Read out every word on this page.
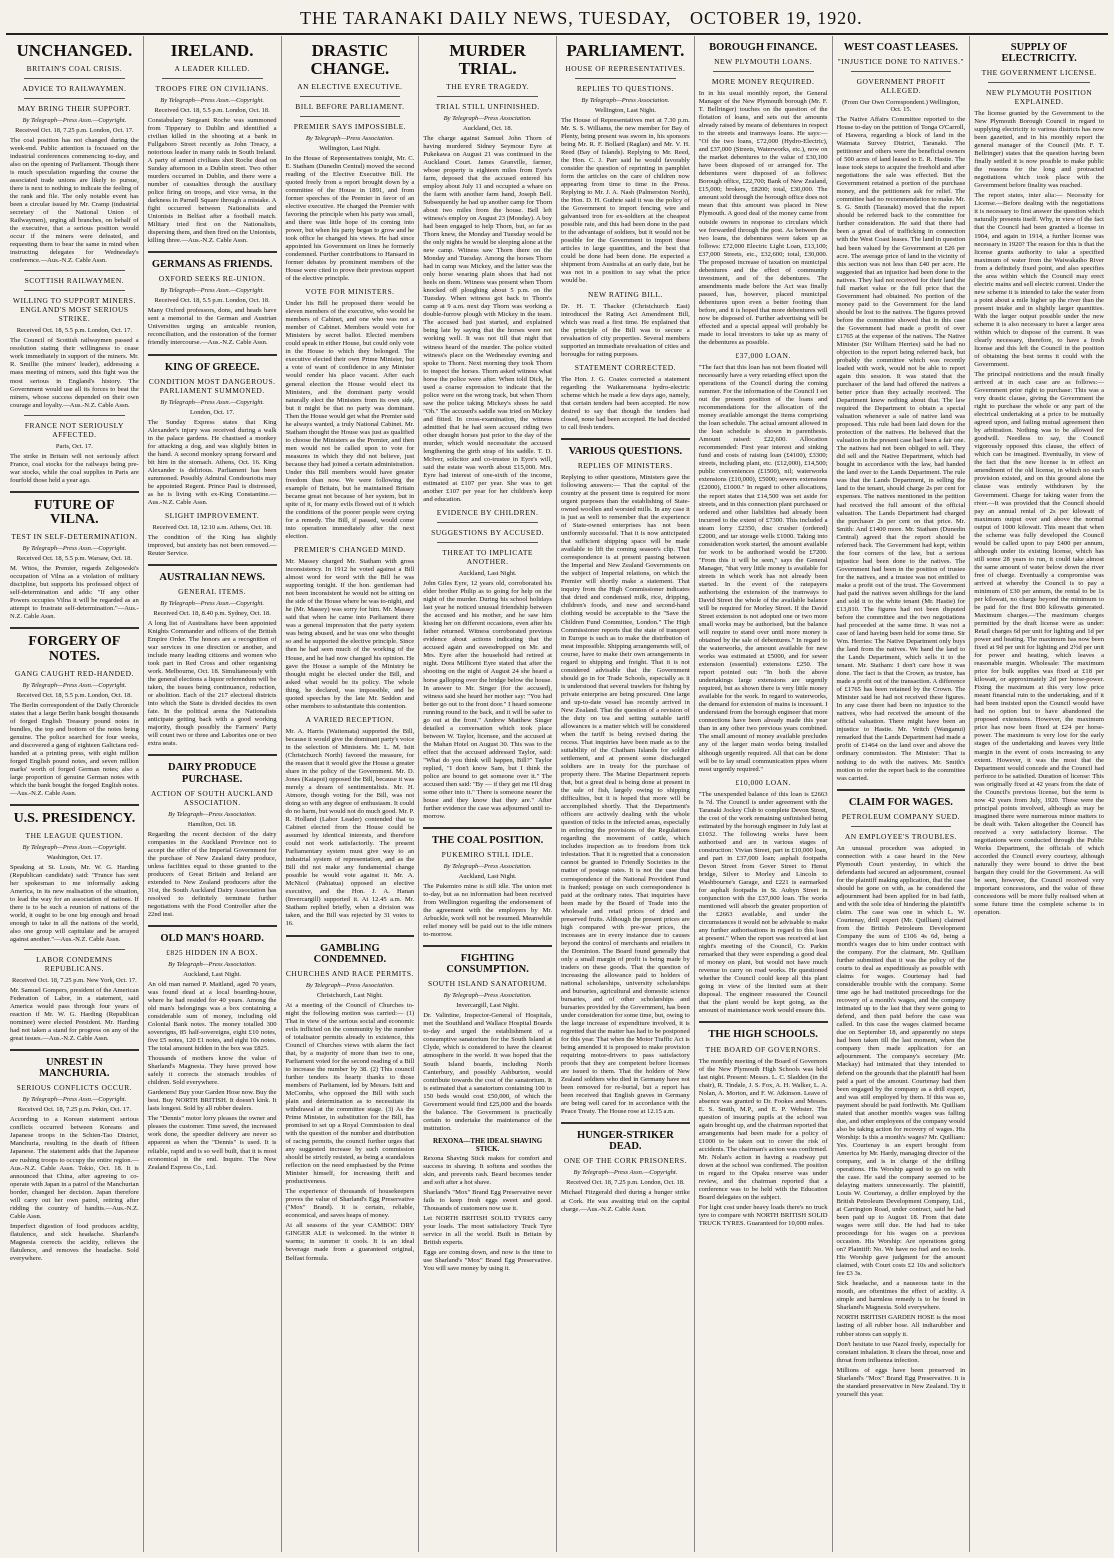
THE TARANAKI DAILY NEWS, TUESDAY, OCTOBER 19, 1920.
UNCHANGED.
BRITAIN'S COAL CRISIS.
ADVICE TO RAILWAYMEN.
MAY BRING THEIR SUPPORT.
By Telegraph—Press Assn.—Copyright.
Received Oct. 18, 7.25 p.m. London, Oct. 17.
The coal position has not changed during the week-end. Public attention is focussed on the industrial conferences commencing to-day, and also on the opening of Parliament. Though there is much speculation regarding the course the associated trade unions are likely to pursue, there is next to nothing to indicate the feeling of the rank and file. The only notable event has been a circular issued by Mr. Cramp (industrial secretary of the National Union of Railwaymen), urging all branches, on behalf of the executive, that a serious position would occur if the miners were defeated, and requesting them to bear the same in mind when instructing delegates for Wednesday's conference.—Aus.-N.Z. Cable Assn.
SCOTTISH RAILWAYMEN.
WILLING TO SUPPORT MINERS. ENGLAND'S MOST SERIOUS STRIKE.
Received Oct. 18, 5.5 p.m. London, Oct. 17.
The Council of Scottish railwaymen passed a resolution stating their willingness to cease work immediately in support of the miners. Mr. R. Smillie (the miners' leader), addressing a mass meeting of miners, said this fight was the most serious in England's history. The Government would use all its forces to beat the miners, whose success depended on their own courage and loyalty.—Aus.-N.Z. Cable Assn.
FRANCE NOT SERIOUSLY AFFECTED.
Paris, Oct. 17.
The strike in Britain will not seriously affect France, coal stocks for the railways being pre-war stocks, while the coal supplies in Paris are fourfold those held a year ago.
FUTURE OF VILNA.
TEST IN SELF-DETERMINATION.
By Telegraph—Press Assn.—Copyright.
Received Oct. 18, 5.5 p.m. Warsaw, Oct. 18.
M. Witos, the Premier, regards Zeligowski's occupation of Vilna as a violation of military discipline, but supports his professed object of self-determination and adds: "If any other Powers occupies Vilna it will be regarded as an attempt to frustrate self-determination."—Aus.-N.Z. Cable Assn.
FORGERY OF NOTES.
GANG CAUGHT RED-HANDED.
By Telegraph—Press Assn.—Copyright.
Received Oct. 18, 5.5 p.m. London, Oct. 18.
The Berlin correspondent of the Daily Chronicle states that a large Berlin bank bought thousands of forged English Treasury pound notes in bundles, the top and bottom of the notes being genuine. The police searched for four weeks, and discovered a gang of eighteen Galicians red-handed at a printing press, with eight million forged English pound notes, and seven million marks' worth of forged German notes; also a large proportion of genuine German notes with which the bank bought the forged English notes.—Aus.-N.Z. Cable Assn.
U.S. PRESIDENCY.
THE LEAGUE QUESTION.
By Telegraph—Press Assn.—Copyright.
Washington, Oct. 17.
Speaking at St. Louis, Mr. W. G. Harding (Republican candidate) said: "France has sent her spokesman to me informally asking America, in its new realisation of the situation, to lead the way for an association of nations. If there is to be such a reunion of nations of the world, it ought to be one big enough and broad enough to take in all the nations of the world, also one group will capitulate and be arrayed against another."—Aus.-N.Z. Cable Assn.
LABOR CONDEMNS REPUBLICANS.
Received Oct. 18, 7.25 p.m. New York, Oct. 17.
Mr. Samuel Gompers, president of the American Federation of Labor, in a statement, said America would pass through four years of reaction if Mr. W. G. Harding (Republican nominee) were elected President. Mr. Harding had not taken a stand for progress on any of the great issues.—Aus.-N.Z. Cable Assn.
UNREST IN MANCHURIA.
SERIOUS CONFLICTS OCCUR.
By Telegraph—Press Assn.—Copyright.
Received Oct. 18, 7.25 p.m. Pekin, Oct. 17.
According to a Korean statement serious conflicts occurred between Koreans and Japanese troops in the Schien-Tao District, Manchuria, resulting in the death of fifteen Japanese. The statement adds that the Japanese are rushing troops to occupy the entire region.—Aus.-N.Z. Cable Assn. Tokio, Oct. 18. It is announced that China, after agreeing to co-operate with Japan in a patrol of the Manchurian border, changed her decision. Japan therefore will carry out her own patrol, retiring after ridding the country of bandits.—Aus.-N.Z. Cable Assn.
Imperfect digestion of food produces acidity, flatulence, and sick headache. Sharland's Magnesia corrects the acidity, relieves the flatulence, and removes the headache. Sold everywhere.
IRELAND.
A LEADER KILLED.
TROOPS FIRE ON CIVILIANS.
By Telegraph—Press Assn.—Copyright.
Received Oct. 18, 5.5 p.m. London, Oct. 18.
Constabulary Sergeant Roche was summoned from Tipperary to Dublin and identified a civilian killed in the shooting at a bank in Fullgaboro Street recently as John Treacy, a notorious leader in many raids in South Ireland. A party of armed civilians shot Roche dead on Sunday afternoon in a Dublin street. Two other murders occurred in Dublin, and there were a number of casualties through the auxiliary police firing on troops, and vice versa, in the darkness in Parnell Square through a mistake. A fight occurred between Nationalists and Unionists in Belfast after a football match. Military tried first on the Nationalists, dispersing them, and then fired on the Unionists, killing three.—Aus.-N.Z. Cable Assn.
GERMANS AS FRIENDS.
OXFORD SEEKS RE-UNION.
By Telegraph—Press Assn.—Copyright.
Received Oct. 18, 5.5 p.m. London, Oct. 18.
Many Oxford professors, dons, and heads have sent a memorial to the German and Austrian Universities urging an amicable reunion, reconciliation, and the restoration of the former friendly intercourse.—Aus.-N.Z. Cable Assn.
KING OF GREECE.
CONDITION MOST DANGEROUS. PARLIAMENT SUMMONED.
By Telegraph—Press Assn.—Copyright.
London, Oct. 17.
The Sunday Express states that King Alexander's injury was received during a walk in the palace gardens. He chastised a monkey for attacking a dog, and was slightly bitten in the hand. A second monkey sprang forward and bit him in the stomach. Athens, Oct. 16. King Alexander is delirious. Parliament has been summoned. Possibly Admiral Condouriotis may be appointed Regent. Prince Paul is distressed, as he is living with ex-King Constantine.—Aus.-N.Z. Cable Assn.
SLIGHT IMPROVEMENT.
Received Oct. 18, 12.10 a.m. Athens, Oct. 18.
The condition of the King has slightly improved, but anxiety has not been removed.—Reuter Service.
AUSTRALIAN NEWS.
GENERAL ITEMS.
By Telegraph—Press Assn.—Copyright.
Received Oct. 18, 8.40 p.m. Sydney, Oct. 18.
A long list of Australians have been appointed Knights Commander and officers of the British Empire Order. The honors are a recognition of war services in one direction or another, and include many leading citizens and women who took part in Red Cross and other organising work. Melbourne, Oct. 18. Simultaneously with the general elections a liquor referendum will be taken, the issues being continuance, reduction, or abolition. Each of the 217 electoral districts into which the State is divided decides its own fate. In the political arena the Nationalists anticipate getting back with a good working majority, though possibly the Farmers' Party will count two or three and Laborites one or two extra seats.
DAIRY PRODUCE PURCHASE.
ACTION OF SOUTH AUCKLAND ASSOCIATION.
By Telegraph—Press Association.
Hamilton, Oct. 18.
Regarding the recent decision of the dairy companies in the Auckland Province not to accept the offer of the Imperial Government for the purchase of New Zealand dairy produce, unless facilities equal to those granted to the producers of Great Britain and Ireland are extended to New Zealand producers after the 31st, the South Auckland Dairy Association has resolved to definitely terminate further negotiations with the Food Controller after the 22nd inst.
OLD MAN'S HOARD.
£825 HIDDEN IN A BOX.
By Telegraph—Press Association.
Auckland, Last Night.
An old man named P. Maitland, aged 70 years, was found dead at a local boarding-house, where he had resided for 40 years. Among the old man's belongings was a box containing a considerable sum of money, including old Colonial Bank notes. The money totalled 300 sovereigns, 85 half-sovereigns, eight £10 notes, five £5 notes, 120 £1 notes, and eight 10s notes. The total amount hidden in the box was £825.
Thousands of mothers know the value of Sharland's Magnesia. They have proved how safely it corrects the stomach troubles of children. Sold everywhere.
Gardeners! Buy your Garden Hose now. Buy the best. Buy NORTH BRITISH. It doesn't kink. It lasts longest. Sold by all rubber dealers.
The "Dennis" motor lorry pleases the owner and pleases the customer. Time saved, the increased work done, the speedier delivery are never so apparent as when the "Dennis" is used. It is reliable, rapid and is so well built, that it is most economical in the end. Inquire. The New Zealand Express Co., Ltd.
DRASTIC CHANGE.
AN ELECTIVE EXECUTIVE.
BILL BEFORE PARLIAMENT.
PREMIER SAYS IMPOSSIBLE.
By Telegraph—Press Association.
Wellington, Last Night.
In the House of Representatives tonight, Mr. C. E. Statham (Dunedin Central) moved the second reading of the Elective Executive Bill. He quoted freely from a report brought down by a committee of the House in 1891, and from former speeches of the Premier in favor of an elective executive. He charged the Premier with favoring the principle when his party was small, and there was little hope of its coming into power, but when his party began to grow and he took office he changed his views. He had since appointed his Government on lines he formerly condemned. Further contributions to Hansard in former debates by prominent members of the House were cited to prove their previous support of the elective principle.
VOTE FOR MINISTERS.
Under his Bill he proposed there would be eleven members of the executive, who would be members of Cabinet, and one who was not a member of Cabinet. Members would vote for Ministers by secret ballot. Elected members could speak in either House, but could only vote in the House to which they belonged. The executive elected their own Prime Minister, but a vote of want of confidence in any Minister would render his place vacant. After each general election the House would elect its Ministers, and the dominant party would naturally elect the Ministers from its own side, but it might be that no party was dominant. Then the House would get what the Premier said he always wanted, a truly National Cabinet. Mr. Statham thought the House was just as qualified to choose the Ministers as the Premier, and then men would not be called upon to vote for measures in which they did not believe, just because they had joined a certain administration. Under this Bill members would have greater freedom than now. We were following the example of Britain, but he maintained Britain became great not because of her system, but in spite of it, for many evils flowed out of it which the conditions of the poorer people were crying for a remedy. The Bill, if passed, would come into operation immediately after the next election.
PREMIER'S CHANGED MIND.
Mr. Massey charged Mr. Statham with gross inconsistency. In 1912 he voted against a Bill almost word for word with the Bill he was supporting tonight. If the hon. gentleman had not been inconsistent he would not be sitting on the side of the House where he was to-night, and he (Mr. Massey) was sorry for him. Mr. Massey said that when he came into Parliament there was a general impression that the party system was being abused, and he was one who thought so and he supported the elective principle. Since then he had seen much of the working of the House, and he had now changed his opinion. He gave the House a sample of the Ministry he thought might be elected under the Bill, and asked what would be its policy. The whole thing, he declared, was impossible, and he quoted speeches by the late Mr. Seddon and other members to substantiate this contention.
A VARIED RECEPTION.
Mr. A. Harris (Waitemata) supported the Bill, because it would give the dominant party's voice in the selection of Ministers. Mr. L. M. Isitt (Christchurch North) favored the measure, for the reason that it would give the House a greater share in the policy of the Government. Mr. D. Jones (Kaiapoi) opposed the Bill, because it was merely a dream of sentimentalists. Mr. H. Atmore, though voting for the Bill, was not doing so with any degree of enthusiasm. It could do no harm, but would not do much good. Mr. P. R. Holland (Labor Leader) contended that to Cabinet elected from the House could be assumed by identical interests, and therefore could not work satisfactorily. The present Parliamentary system must give way to an industrial system of representation, and as the Bill did not make any fundamental change possible he would vote against it. Mr. A. McNicol (Pahiatua) opposed an elective executive, and the Hon. J. A. Hanan (Invercargill) supported it. At 12.45 a.m. Mr. Statham replied briefly, when a division was taken, and the Bill was rejected by 31 votes to 16.
GAMBLING CONDEMNED.
CHURCHES AND RACE PERMITS.
By Telegraph—Press Association.
Christchurch, Last Night.
At a meeting of the Council of Churches to-night the following motion was carried:— (1) That in view of the serious social and economic evils inflicted on the community by the number of totalisator permits already in existence, this Council of Churches views with alarm the fact that, by a majority of more than two to one, Parliament voted for the second reading of a Bill to increase the number by 38. (2) This council further tenders its hearty thanks to those members of Parliament, led by Messrs. Isitt and McCombs, who opposed the Bill with such plain and determination as to necessitate its withdrawal at the committee stage. (3) As the Prime Minister, in substitution for the Bill, has promised to set up a Royal Commission to deal with the question of the number and distribution of racing permits, the council further urges that any suggested increase by such commission should be strictly resisted, as being a scandalous reflection on the need emphasised by the Prime Minister himself, for increasing thrift and productiveness.
The experience of thousands of housekeepers proves the value of Sharland's Egg Preservative ("Mox" Brand). It is certain, reliable, economical, and saves heaps of money.
At all seasons of the year CAMBOC DRY GINGER ALE is welcomed. In the winter it warms; in summer it cools. It is an ideal beverage made from a guaranteed original, Belfast formula.
MURDER TRIAL.
THE EYRE TRAGEDY.
TRIAL STILL UNFINISHED.
By Telegraph—Press Association.
Auckland, Oct. 18.
The charge against Samuel John Thorn of having murdered Sidney Seymour Eyre at Pukekawa on August 21 was continued in the Auckland Court. James Granville, farmer, whose property is eighteen miles from Eyre's farm, deposed that the accused entered his employ about July 11 and occupied a whare on the farm with another farm hand, Joseph Bell. Subsequently he had up another camp for Thorn about two miles from the house. Bell left witness's employ on August 23 (Monday). A boy had been engaged to help Thorn, but, so far as Thorn knew, the Monday and Tuesday would be the only nights he would be sleeping alone at the new camp. Witness saw Thorn there on the Monday and Tuesday. Among the horses Thorn had in camp was Mickey, and the latter was the only horse wearing plain shoes that had not heels on them. Witness was present when Thorn knocked off ploughing about 5 p.m. on the Tuesday. When witness got back to Thorn's camp at 9 a.m. next day Thorn was working a double-furrow plough with Mickey in the team. The accused had just started, and explained being late by saying that the horses were not working well. It was not till that night that witness heard of the murder. The police visited witness's place on the Wednesday evening and spoke to Thorn. Next morning they took Thorn to inspect the horses. Thorn asked witness what horse the police were after. When told Dick, he used a coarse expression to indicate that the police were on the wrong track, but when Thorn saw the police taking Mickey's shoes he said "Oh." The accused's saddle was tried on Mickey and fitted. In cross-examination, the witness admitted that he had seen accused riding two other draught horses just prior to the day of the murder, which would necessitate the accused lengthening the girth strap of his saddle. T. D. McIver, solicitor and co-trustee in Eyre's will, said the estate was worth about £15,000. Mrs. Eyre had interest of one-sixth of the income, estimated at £107 per year. She was to get another £107 per year for her children's keep and education.
EVIDENCE BY CHILDREN.
SUGGESTIONS BY ACCUSED.
THREAT TO IMPLICATE ANOTHER.
Auckland, Last Night.
John Giles Eyre, 12 years old, corroborated his elder brother Philip as to going for help on the night of the murder. During his school holidays last year he noticed unusual friendship between the accused and his mother, and he saw him kissing her on different occasions, even after his father returned. Witness corroborated previous evidence about actions indicating that the accused again and eavesdropped on Mr. and Mrs. Eyre after the household had retired at night. Dora Millicent Eyre stated that after the shooting on the night of August 24 she heard a horse galloping over the bridge below the house. In answer to Mr. Singer (for the accused), witness said she heard her mother say: "You had better go out to the front door." I heard someone running round to the back, and it will be safer to go out at the front." Andrew Matthew Singer detailed a conversation which took place between W. Taylor, licensee, and the accused at the Mahan Hotel on August 30. This was to the effect that the accused addressed Taylor, said: "What do you think will happen, Bill?" Taylor replied, "I don't know Sam, but I think the police are bound to get someone over it." The accused then said: "By — if they get me I'll drag some other into it." There is someone nearer the house and they know that they are." After further evidence the case was adjourned until to-morrow.
THE COAL POSITION.
PUKEMIRO STILL IDLE.
By Telegraph—Press Association.
Auckland, Last Night.
The Pukemiro mine is still idle. The union met to-day, but as no information had been received from Wellington regarding the endorsement of the agreement with the employers by Mr. Arbuckle, work will not be resumed. Meanwhile relief money will be paid out to the idle miners to-morrow.
FIGHTING CONSUMPTION.
SOUTH ISLAND SANATORIUM.
By Telegraph—Press Association.
Invercargill, Last Night.
Dr. Valintine, Inspector-General of Hospitals, met the Southland and Wallace Hospital Boards to-day and urged the establishment of a consumptive sanatorium for the South Island at Clyde, which is considered to have the clearest atmosphere in the world. It was hoped that the South Island boards, including North Canterbury, and possibly Ashburton, would contribute towards the cost of the sanatorium. It is estimated that a sanatorium containing 100 to 150 beds would cost £50,000, of which the Government would find £25,000 and the boards the balance. The Government is practically certain to undertake the maintenance of the institution.
REXONA—THE IDEAL SHAVING STICK.
Rexona Shaving Stick makes for comfort and success in shaving. It softens and soothes the skin, and prevents rash. Beard becomes tender and soft after a hot shave.
Sharland's "Mox" Brand Egg Preservative never fails to keep fresh eggs sweet and good. Thousands of customers now use it.
Let NORTH BRITISH SOLID TYRES carry your loads. The most satisfactory Truck Tyre service in all the world. Built in Britain by British experts.
Eggs are coming down, and now is the time to use Sharland's "Mox" Brand Egg Preservative. You will save money by using it.
PARLIAMENT.
HOUSE OF REPRESENTATIVES.
REPLIES TO QUESTIONS.
By Telegraph—Press Association.
Wellington, Last Night.
The House of Representatives met at 7.30 p.m. Mr. S. S. Williams, the new member for Bay of Plenty, being present was sworn in, his sponsors being Mr. R. F. Bollard (Raglan) and Mr. V. H. Reed (Bay of Islands). Replying to Mr. Reed, the Hon. C. J. Parr said he would favorably consider the question of reprinting in pamphlet form the articles on the care of children now appearing from time to time in the Press. Replying to Mr. J. A. Nash (Palmerston North), the Hon. D. H. Guthrie said it was the policy of the Government to import fencing wire and galvanised iron for ex-soldiers at the cheapest possible rate, and this had been done in the past to the advantage of soldiers, but it would not be possible for the Government to import these articles in large quantities, and the best that could be done had been done. He expected a shipment from Australia at an early date, but he was not in a position to say what the price would be.
NEW RATING BILL.
Dr. H. T. Thacker (Christchurch East) introduced the Rating Act Amendment Bill, which was read a first time. He explained that the principle of the Bill was to secure a revaluation of city properties. Several members supported an immediate revaluation of cities and boroughs for rating purposes.
STATEMENT CORRECTED.
The Hon. J. G. Coates corrected a statement regarding the Waikaremoana hydro-electric scheme which he made a few days ago, namely, that certain tenders had been accepted. He now desired to say that though the tenders had closed, none had been accepted. He had decided to call fresh tenders.
VARIOUS QUESTIONS.
REPLIES OF MINISTERS.
Replying to other questions, Ministers gave the following answers:— That the capital of the country at the present time is required for more urgent purposes than the establishing of State-owned woollen and worsted mills. In any case it is just as well to remember that the experience of State-owned enterprises has not been uniformly successful. That it is now anticipated that sufficient shipping space will be made available to lift the coming season's clip. That correspondence is at present passing between the Imperial and New Zealand Governments on the subject of Imperial relations, on which the Premier will shortly make a statement. That inquiry from the High Commissioner indicates that dried and condensed milk, rice, dripping, children's foods, and new and second-hand clothing would be acceptable to the "Save the Children Fund Committee, London." The High Commissioner reports that the state of transport in Europe is such as to make the distribution of meat impossible. Shipping arrangements will, of course, have to make their own arrangements in regard to shipping and freight. That it is not considered advisable that the Government should go in for Trade Schools, especially as it is understood that several trawlers for fishing by private enterprise are being procured. One large and up-to-date vessel has recently arrived in New Zealand. That the question of a revision of the duty on tea and setting suitable tariff allowances is a matter which will be considered when the tariff is being revised during the recess. That inquiries have been made as to the suitability of the Chatham Islands for soldier settlement, and at present some discharged soldiers are in treaty for the purchase of property there. The Marine Department reports that, but a great deal is being done at present in the sale of fish, largely owing to shipping difficulties, but it is hoped that more will be accomplished shortly. That the Department's officers are actively dealing with the whole question of ticks in the infected areas, especially in enforcing the provisions of the Regulations regarding the movement of cattle, which includes inspection as to freedom from tick infestation. That it is regretted that a concession cannot be granted to Friendly Societies in the matter of postage rates. It is not the case that correspondence of the National Provident Fund is franked; postage on such correspondence is paid at the ordinary rates. That inquiries have been made by the Board of Trade into the wholesale and retail prices of dried and preserved fruits. Although the present prices are high compared with pre-war prices, the increases are in every instance due to causes beyond the control of merchants and retailers in the Dominion. The Board found generally that only a small margin of profit is being made by traders on these goods. That the question of increasing the allowance paid to holders of national scholarships, university scholarships and bursaries, agricultural and domestic science bursaries, and of other scholarships and bursaries provided by the Government, has been under consideration for some time, but, owing to the large increase of expenditure involved, it is regretted that the matter has had to be postponed for this year. That when the Motor Traffic Act is being amended it is proposed to make provision requiring motor-drivers to pass satisfactory proofs that they are competent before licenses are issued to them. That the holders of New Zealand soldiers who died in Germany have not been removed for re-burial, but a report has been received that English graves in Germany are being well cared for in accordance with the Peace Treaty. The House rose at 12.15 a.m.
HUNGER-STRIKER DEAD.
ONE OF THE CORK PRISONERS.
By Telegraph—Press Assn.—Copyright.
Received Oct. 18, 7.25 p.m. London, Oct. 18.
Michael Fitzgerald died during a hunger strike at Cork. He was awaiting trial on the capital charge.—Aus.-N.Z. Cable Assn.
BOROUGH FINANCE.
NEW PLYMOUTH LOANS.
MORE MONEY REQUIRED.
In in his usual monthly report, the General Manager of the New Plymouth borough (Mr. F. T. Bellringer) touches on the question of the flotation of loans, and sets out the amounts already raised by means of debentures in respect to the streets and tramways loans. He says:— "Of the two loans, £72,000 (Hydro-Electric), and £37,000 (Streets, Waterworks, etc.), now on the market debentures to the value of £30,100 have been disposed of or arranged for. The debentures were disposed of as follows: Borough office, £22,700; Bank of New Zealand, £15,000; brokers, £8200; total, £30,000. The amount sold through the borough office does not mean that this amount was placed in New Plymouth. A good deal of the money came from outside owners in response to circulars which we forwarded through the post. As between the two loans, the debentures were taken up as follows: £72,000 Electric Light Loan, £13,100; £37,000 Streets, etc., £32,600; total, £30,000. The proposed increase of taxation on municipal debentures and the effect of community investment, and of the debentures. The amendments made before the Act was finally passed, has, however, placed municipal debentures upon even a better footing than before, and it is hoped that more debentures will now be disposed of. Further advertising will be effected and a special appeal will probably be made to local investors to take up as many of the debentures as possible.
£37,000 LOAN.
"The fact that this loan has not been floated will necessarily have a very retarding effect upon the operations of the Council during the coming summer. For the information of the Council I set out the present position of the loans and recommendations for the allocation of the money available amongst the items comprising the loan schedule. The actual amount allowed in the loan schedule is shown in parenthesis. Amount raised: £22,600. Allocation recommended: First year interest and sinking fund and costs of raising loan (£4100), £3300; streets, including plant, etc. (£12,000), £14,500; public conveniences (£1500), nil; waterworks extensions (£10,000), £5000; sewers extensions (£2000), £1000." In regard to other allocations, the report states that £14,500 was set aside for streets, and in this connection plant purchased or ordered and other liabilities had already been incurred to the extent of £7300. This included a steam lorry £2350, disc crusher (ordered) £2000, and tar storage wells £1000. Taking into consideration work started, the amount available for work to be authorised would be £7200. "From this it will be seen," says the General Manager, "that very little money is available for streets in which work has not already been started. In the event of the ratepayers authorising the extension of the tramways to David Street the whole of the available balance will be required for Morley Street. If the David Street extension is not adopted one or two more small works may be authorised, but the balance will require to stand over until more money is obtained by the sale of debentures." In regard to the waterworks, the amount available for new works was estimated at £5000, and for sewer extension (essential) extensions £250. The report pointed out: "In both the above undertakings large extensions are urgently required, but as shown there is very little money available for the work. In regard to waterworks, the demand for extension of mains is incessant. I understand from the borough engineer that more connections have been already made this year than in any other two previous years combined. The small amount of money available precludes any of the larger main works being installed although urgently required. All that can be done will be to lay small communication pipes where most urgently required."
£10,000 LOAN.
"The unexpended balance of this loan is £2663 Is 7d. The Council is under agreement with the Taranaki Jockey Club to complete Devon Street, the cost of the work remaining unfinished being estimated by the borough engineer in July last at £1032. The following works have been authorised and are in various stages of construction: Vivian Street, part in £10,000 loan, and part in £37,000 loan; asphalt footpaths Devon Street from Gover Street to Henui bridge, Silver to Morley and Lincoln to Washbourne's Garage, and £221 is earmarked for asphalt footpaths in St. Aubyn Street in conjunction with the £37,000 loan. The works mentioned will absorb the greater proportion of the £2663 available, and under the circumstances it would not be advisable to make any further authorisations in regard to this loan at present." When the report was received at last night's meeting of the Council, Cr. Parkin remarked that they were expending a good deal of money on plant, but would not have much revenue to carry on road works. He questioned whether the Council could keep all this plant going in view of the limited sum at their disposal. The engineer reassured the Council that the plant would be kept going, as the amount of maintenance work would ensure this.
THE HIGH SCHOOLS.
THE BOARD OF GOVERNORS.
The monthly meeting of the Board of Governors of the New Plymouth High Schools was held last night. Present: Messrs. L. C. Sladden (in the chair), R. Tindale, J. S. Fox, A. H. Walker, L. A. Nolan, A. Morton, and F. W. Atkinson. Leave of absence was granted to Dr. Fookes and Messrs. E. S. Smith, M.P., and E. P. Webster. The question of insuring pupils at the school was again brought up, and the chairman reported that arrangements had been made for a policy of £1000 to be taken out to cover the risk of accidents. The chairman's action was confirmed. Mr. Nolan's action in having a roadway put down at the school was confirmed. The position in regard to the Opaku reserve was under review, and the chairman reported that a conference was to be held with the Education Board delegates on the subject.
For light cost under heavy loads there's no truck tyre to compare with NORTH BRITISH SOLID TRUCK TYRES. Guaranteed for 10,000 miles.
WEST COAST LEASES.
"INJUSTICE DONE TO NATIVES."
GOVERNMENT PROFIT ALLEGED.
(From Our Own Correspondent.) Wellington, Oct. 15.
The Native Affairs Committee reported to the House to-day on the petition of Tonga O'Carroll, of Hawera, regarding a block of land in the Waimata Survey District, Taranaki. The petitioner and others were the beneficial owners of 500 acres of land leased to E. R. Hastie. The lease took steps to acquire the freehold and after negotiations the sale was effected. But the Government retained a portion of the purchase money, and the petitioners ask for relief. The committee had no recommendation to make. Mr. S. G. Smith (Taranaki) moved that the report should be referred back to the committee for further consideration. He said that there had been a great deal of trafficking in connection with the West Coast leases. The land in question had been valued by the Government at £26 per acre. The average price of land in the vicinity of this section was not less than £40 per acre. He suggested that an injustice had been done to the natives. They had not received for their land the full market value or the full price that the Government had obtained. No portion of the money paid to the Government for the land should be lost to the natives. The figures proved before the committee showed that in this case the Government had made a profit of over £1765 at the expense of the natives. The Native Minister (Sir William Herries) said he had no objection to the report being referred back, but probably the committee which was recently loaded with work, would not be able to report again this session. It was stated that the purchaser of the land had offered the natives a better price than they actually received. The Department knew nothing about that. The law required the Department to obtain a special valuation whenever a sale of native land was proposed. This rule had been laid down for the protection of the natives. He believed that the valuation in the present case had been a fair one. The natives had not been obliged to sell. They did sell and the Native Department, which had bought in accordance with the law, had handed the land over to the Lands Department. The rule was that the Lands Department, in selling the land to the tenant, should charge 2s per cent for expenses. The natives mentioned in the petition had received the full amount of the official valuation. The Lands Department had charged the purchaser 2s per cent on that price. Mr. Smith: And £1400 more. Mr. Statham (Dunedin Central) agreed that the report should be referred back. The Government had kept, within the four corners of the law, but a serious injustice had been done to the natives. The Government had been in the position of trustee for the natives, and a trustee was not entitled to make a profit out of the trust. The Government had paid the natives seven shillings for the land and sold it to the white tenant (Mr. Hastie) for £13,810. The figures had not been disputed before the committee and the two negotiations had proceeded at the same time. It was not a case of land having been held for some time. Sir Wm. Herries: The Native Department only buys the land from the natives. We hand the land to the Lands Department, which sells it to the tenant. Mr. Statham: I don't care how it was done. The fact is that the Crown, as trustee, has made a profit out of the transaction. A difference of £1765 has been retained by the Crown. The Minister said he had not received these figures. In any case there had been no injustice to the natives, who had received the amount of the official valuation. There might have been an injustice to Hastie. Mr. Veitch (Wanganui) remarked that the Lands Department had made a profit of £1464 on the land over and above the ordinary commission. The Minister: That is nothing to do with the natives. Mr. Smith's motion to refer the report back to the committee was carried.
CLAIM FOR WAGES.
PETROLEUM COMPANY SUED.
AN EMPLOYEE'S TROUBLES.
An unusual procedure was adopted in connection with a case heard in the New Plymouth Court yesterday, in which the defendants had secured an adjournment, counsel for the plaintiff making application, that the case should be gone on with, as he considered the adjournment had been applied for in bad faith, and with the sole idea of hindering the plaintiff's claim. The case was one in which L. W. Courtenay, drill expert (Mr. Quilliam) claimed from the British Petroleum Development Company the sum of £106 4s 6d, being a month's wages due to him under contract with the company. For the claimant, Mr. Quilliam further submitted that it was the policy of the courts to deal as expeditiously as possible with claims for wages. Courtenay had had considerable trouble with the company. Some time ago he had instituted proceedings for the recovery of a month's wages, and the company intimated up to the last that they were going to defend, and then paid before the case was called. In this case the wages claimed became due on September 18, and apparently no steps had been taken till the last moment, when the company then made application for an adjournment. The company's secretary (Mr. Mackay) had intimated that they intended to defend on the grounds that the plaintiff had been paid a part of the amount. Courtenay had then been engaged by the company as a drill expert, and was still employed by them. If this was so, payment should be paid forthwith. Mr. Quilliam stated that another month's wages was falling due, and other employees of the company would also be taking action for recovery of wages. His Worship: Is this a month's wages? Mr. Quilliam: Yes. Courtenay is an expert brought from America by Mr. Hardy, managing director of the company, and is in charge of the drilling operations. His Worship agreed to go on with the case. He said the company seemed to be delaying matters unnecessarily. The plaintiff, Louis W. Courtenay, a driller employed by the British Petroleum Development Company, Ltd., at Carrington Road, under contract, said he had been paid up to August 18. From that date wages were still due. He had had to take proceedings for his wages on a previous occasion. His Worship: Are operations going on? Plaintiff: No. We have no fuel and no tools. His Worship gave judgment for the amount claimed, with Court costs £2 10s and solicitor's fee £3 3s.
Sick headache, and a nauseous taste in the mouth, are oftentimes the effect of acidity. A simple and harmless remedy is to be found in Sharland's Magnesia. Sold everywhere.
NORTH BRITISH GARDEN HOSE is the most lasting of all rubber hose. All indiarubber and rubber stores can supply it.
Don't hesitate to use Nazol freely, especially for constant inhalation. It clears the throat, nose and throat from influenza infection.
Millions of eggs have been preserved in Sharland's "Mox" Brand Egg Preservative. It is the standard preservative in New Zealand. Try it yourself this year.
SUPPLY OF ELECTRICITY.
THE GOVERNMENT LICENSE.
NEW PLYMOUTH POSITION EXPLAINED.
The license granted by the Government to the New Plymouth Borough Council in regard to supplying electricity to various districts has now been gazetted, and in his monthly report the general manager of the Council (Mr. F. T. Bellringer) states that the question having been finally settled it is now possible to make public the reasons for the long and protracted negotiations which took place with the Government before finality was reached.
The report states, inter alia:— Necessity for License.—Before dealing with the negotiations it is necessary to first answer the question which naturally presents itself. Why, in view of the fact that the Council had been granted a license in 1904, and again in 1914, a further license was necessary in 1920? The reason for this is that the license grants authority to take a specified maximum of water from the Waiwakaiho River from a definitely fixed point, and also specifies the area within which the Council may erect electric mains and sell electric current. Under the new scheme it is intended to take the water from a point about a mile higher up the river than the present intake and in slightly larger quantities. With the larger output possible under the new scheme it is also necessary to have a larger area within which to dispose of the current. It was clearly necessary, therefore, to have a fresh license and this left the Council in the position of obtaining the best terms it could with the Government.
The principal restrictions and the result finally arrived at in each case are as follows:— Government prior right to purchase: This was a very drastic clause, giving the Government the right to purchase the whole or any part of the electrical undertaking at a price to be mutually agreed upon, and failing mutual agreement then by arbitration. Nothing was to be allowed for goodwill. Needless to say, the Council vigorously opposed this clause, the effect of which can be imagined. Eventually, in view of the fact that the new license is in effect an amendment of the old license, in which no such provision existed, and on this ground alone the clause was entirely withdrawn by the Government. Charge for taking water from the river.—It was provided that the Council should pay an annual rental of 2s per kilowatt of maximum output over and above the normal output of 1000 kilowatt. This meant that when the scheme was fully developed the Council would be called upon to pay £400 per annum, although under its existing license, which has still some 28 years to run, it could take almost the same amount of water below down the river free of charge. Eventually a compromise was arrived at whereby the Council is to pay a minimum of £30 per annum, the rental to be 1s per kilowatt, no charge beyond the minimum to be paid for the first 800 kilowatts generated. Maximum charges.—The maximum charges permitted by the draft license were as under: Retail charges 6d per unit for lighting and 1d per power and heating. The maximum has now been fixed at 9d per unit for lighting and 2½d per unit for power and heating, which leaves a reasonable margin. Wholesale: The maximum price for bulk supplies was fixed at £18 per kilowatt, or approximately 2d per horse-power. Fixing the maximum at this very low price meant financial ruin to the undertaking, and if it had been insisted upon the Council would have had no option but to have abandoned the proposed extensions. However, the maximum price has now been fixed at £24 per horse-power. The maximum is very low for the early stages of the undertaking and leaves very little margin in the event of costs increasing to any extent. However, it was the most that the Department would concede and the Council had perforce to be satisfied. Duration of license: This was originally fixed at 42 years from the date of the Council's previous license, but the term is now 42 years from July, 1920. These were the principal points involved, although as may be imagined there were numerous minor matters to be dealt with. Taken altogether the Council has received a very satisfactory license. The negotiations were conducted through the Public Works Department, the officials of which accorded the Council every courtesy, although naturally they were bound to drive the best bargain they could for the Government. As will be seen, however, the Council received very important concessions, and the value of these concessions will be more fully realised when at some future time the complete scheme is in operation.
